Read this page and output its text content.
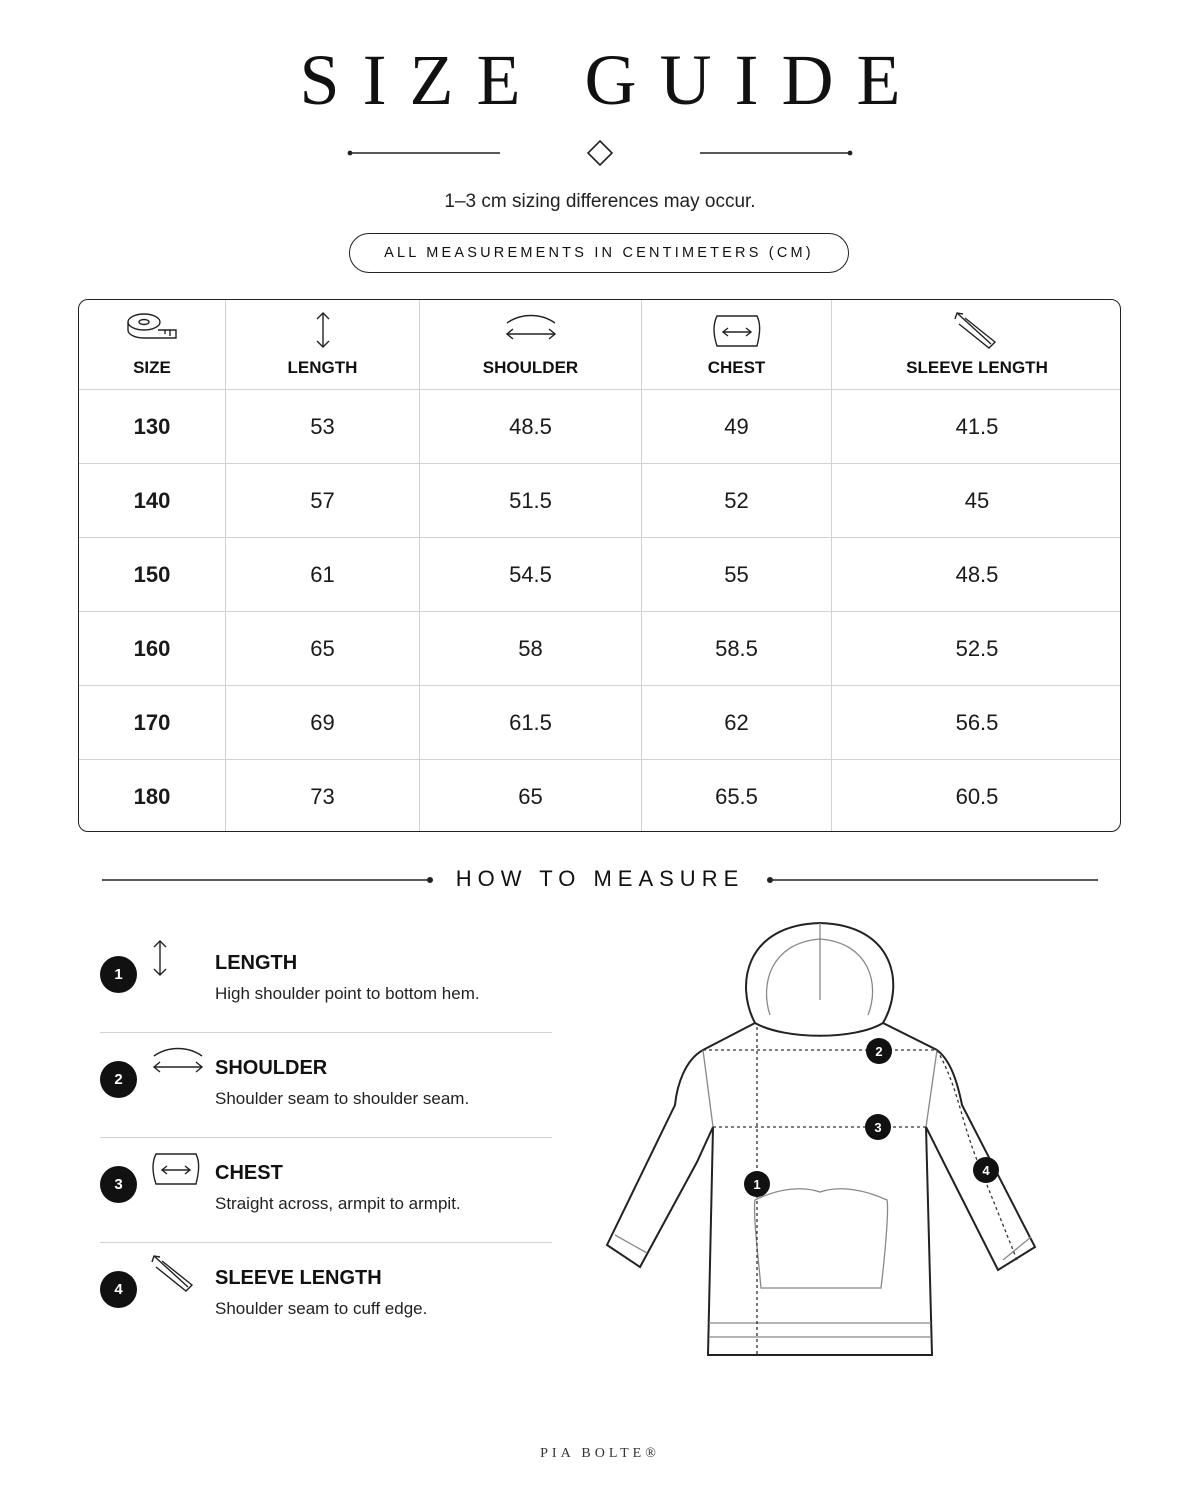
SIZE GUIDE
1–3 cm sizing differences may occur.
ALL MEASUREMENTS IN CENTIMETERS (CM)
SIZE	LENGTH	SHOULDER	CHEST	SLEEVE LENGTH
130	53	48.5	49	41.5
140	57	51.5	52	45
150	61	54.5	55	48.5
160	65	58	58.5	52.5
170	69	61.5	62	56.5
180	73	65	65.5	60.5
HOW TO MEASURE
1
LENGTH
High shoulder point to bottom hem.
2
SHOULDER
Shoulder seam to shoulder seam.
3
CHEST
Straight across, armpit to armpit.
4
SLEEVE LENGTH
Shoulder seam to cuff edge.
1
2
3
4
PIA BOLTE®
